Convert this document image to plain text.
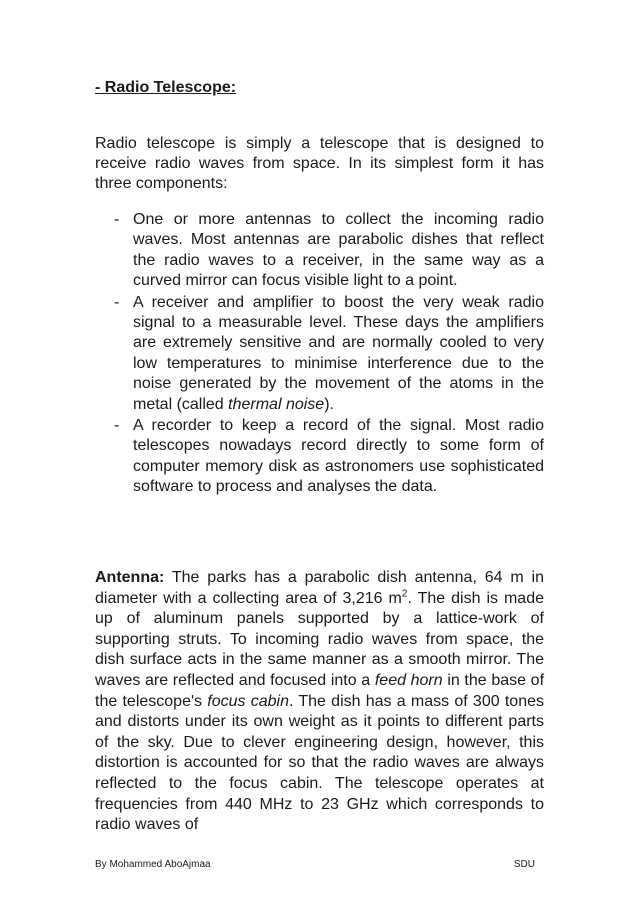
- Radio Telescope:

Radio telescope is simply a telescope that is designed to receive radio waves from space. In its simplest form it has three components:

- One or more antennas to collect the incoming radio waves. Most antennas are parabolic dishes that reflect the radio waves to a receiver, in the same way as a curved mirror can focus visible light to a point.
- A receiver and amplifier to boost the very weak radio signal to a measurable level. These days the amplifiers are extremely sensitive and are normally cooled to very low temperatures to minimise interference due to the noise generated by the movement of the atoms in the metal (called thermal noise).
- A recorder to keep a record of the signal. Most radio telescopes nowadays record directly to some form of computer memory disk as astronomers use sophisticated software to process and analyses the data.

Antenna: The parks has a parabolic dish antenna, 64 m in diameter with a collecting area of 3,216 $m^2$. The dish is made up of aluminum panels supported by a lattice-work of supporting struts. To incoming radio waves from space, the dish surface acts in the same manner as a smooth mirror. The waves are reflected and focused into a feed horn in the base of the telescope's focus cabin. The dish has a mass of 300 tones and distorts under its own weight as it points to different parts of the sky. Due to clever engineering design, however, this distortion is accounted for so that the radio waves are always reflected to the focus cabin. The telescope operates at frequencies from 440 MHz to 23 GHz which corresponds to radio waves of

By Mohammed AboAjmaa	SDU
